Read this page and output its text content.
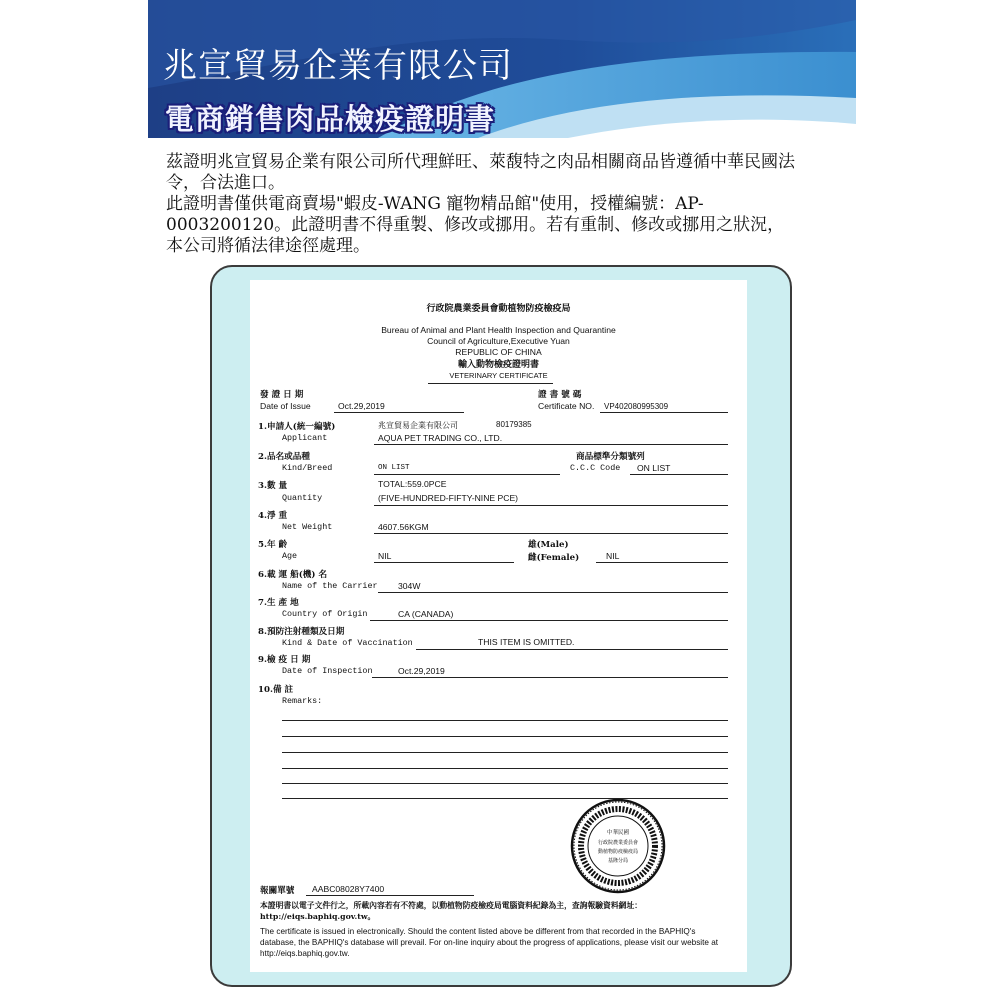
兆宣貿易企業有限公司
電商銷售肉品檢疫證明書

茲證明兆宣貿易企業有限公司所代理鮮旺、萊馥特之肉品相關商品皆遵循中華民國法令，合法進口。

此證明書僅供電商賣場"蝦皮-WANG 寵物精品館"使用，授權編號：AP-0003200120。此證明書不得重製、修改或挪用。若有重制、修改或挪用之狀況，本公司將循法律途徑處理。

行政院農業委員會動植物防疫檢疫局
Bureau of Animal and Plant Health Inspection and Quarantine
Council of Agriculture,Executive Yuan
REPUBLIC OF CHINA
輸入動物檢疫證明書
VETERINARY CERTIFICATE
發 證 日 期
Date of Issue	Oct.29,2019
證 書 號 碼
Certificate NO. VP402080995309
1.申請人(統一編號)
Applicant
兆宣貿易企業有限公司	80179385
AQUA PET TRADING CO., LTD.
2.品名或品種
Kind/Breed	ON LIST
商品標準分類號列
C.C.C Code ON LIST
3.數 量	TOTAL:559.0PCE
Quantity	(FIVE-HUNDRED-FIFTY-NINE PCE)
4.淨 重
Net Weight	4607.56KGM
5.年 齡
Age	NIL
雄(Male)
雌(Female)	NIL
6.載 運 船(機) 名
Name of the Carrier 304W
7.生 產 地
Country of Origin	CA (CANADA)
8.預防注射種類及日期
Kind & Date of Vaccination	THIS ITEM IS OMITTED.
9.檢 疫 日 期
Date of Inspection	Oct.29,2019
10.備 註
Remarks:
中華民國
行政院農業委員會
動植物防疫檢疫局
基隆分局
報關單號 AABC08028Y7400
本證明書以電子文件行之，所載內容若有不符處，以動植物防疫檢疫局電腦資料紀錄為主，查詢報驗資料網址：http://eiqs.baphiq.gov.tw。
The certificate is issued in electronically. Should the content listed above be different from that recorded in the BAPHIQ's database, the BAPHIQ's database will prevail. For on-line inquiry about the progress of applications, please visit our website at http://eiqs.baphiq.gov.tw.
